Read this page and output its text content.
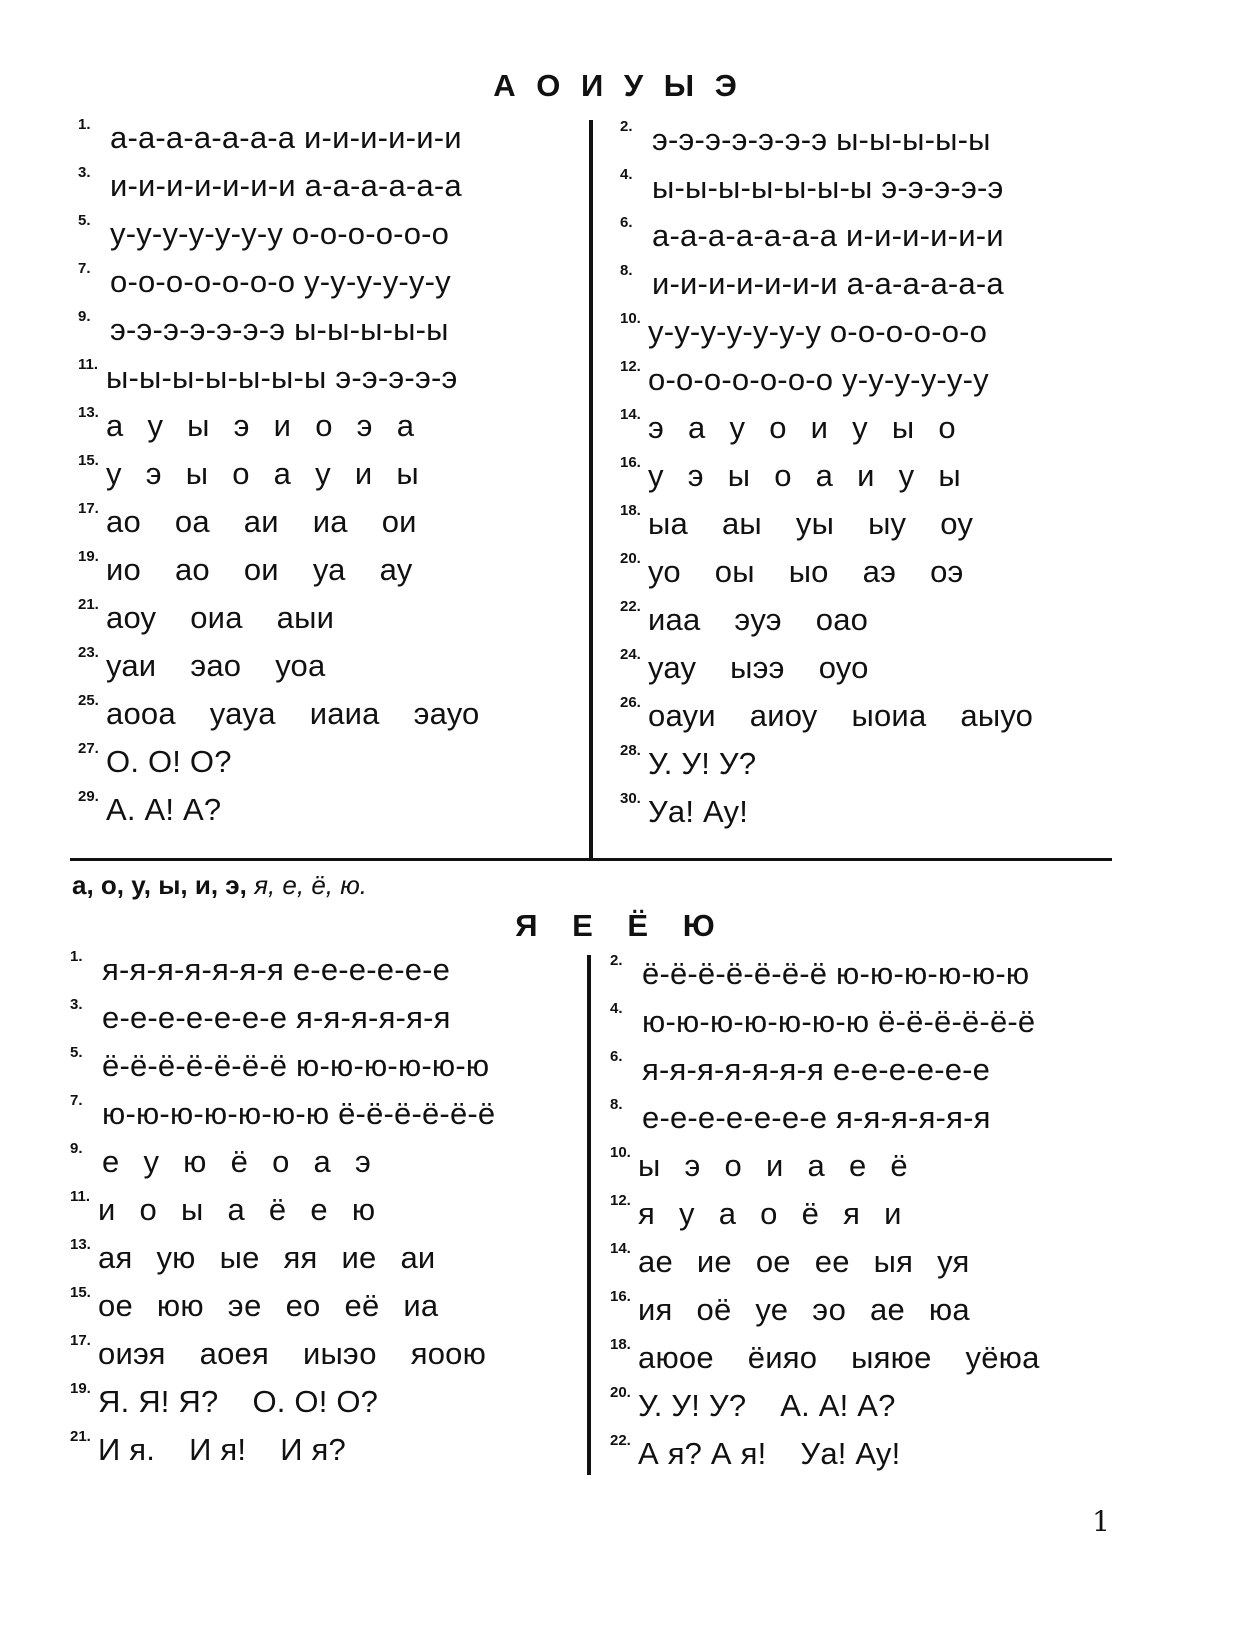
А О И У Ы Э
1. а-а-а-а-а-а-а и-и-и-и-и-и
3. и-и-и-и-и-и-и а-а-а-а-а-а
5. у-у-у-у-у-у-у о-о-о-о-о-о
7. о-о-о-о-о-о-о у-у-у-у-у-у
9. э-э-э-э-э-э-э ы-ы-ы-ы-ы
11. ы-ы-ы-ы-ы-ы-ы э-э-э-э-э
13. а у ы э и о э а
15. у э ы о а у и ы
17. ао оа аи иа ои
19. ио ао ои уа ау
21. аоу оиа аыи
23. уаи эао уоа
25. аооа уаyа иаиа эауо
27. О. О! О?
29. А. А! А?
2. э-э-э-э-э-э-э ы-ы-ы-ы-ы
4. ы-ы-ы-ы-ы-ы-ы э-э-э-э-э
6. а-а-а-а-а-а-а и-и-и-и-и-и
8. и-и-и-и-и-и-и а-а-а-а-а-а
10. у-у-у-у-у-у-у о-о-о-о-о-о
12. о-о-о-о-о-о-о у-у-у-у-у-у
14. э а у о и у ы о
16. у э ы о а и у ы
18. ыа аы уы ыу оу
20. уо оы ыо аэ оэ
22. иаа эуэ оао
24. уау ыээ оуо
26. оауи аиоу ыоиа аыуо
28. У. У! У?
30. Уа! Ау!
а, о, у, ы, и, э, я, е, ё, ю.
Я Е Ё Ю
1. я-я-я-я-я-я-я е-е-е-е-е-е
3. е-е-е-е-е-е-е я-я-я-я-я-я
5. ё-ё-ё-ё-ё-ё-ё ю-ю-ю-ю-ю-ю
7. ю-ю-ю-ю-ю-ю-ю ё-ё-ё-ё-ё-ё
9. е у ю ё о а э
11. и о ы а ё е ю
13. ая ую ые яя ие аи
15. ое юю эе ео её иа
17. оиэя аоея иыэо яоою
19. Я. Я! Я? О. О! О?
21. И я. И я! И я?
2. ё-ё-ё-ё-ё-ё-ё ю-ю-ю-ю-ю-ю
4. ю-ю-ю-ю-ю-ю-ю ё-ё-ё-ё-ё-ё
6. я-я-я-я-я-я-я е-е-е-е-е-е
8. е-е-е-е-е-е-е я-я-я-я-я-я
10. ы э о и а е ё
12. я у а о ё я и
14. ае ие ое ее ыя уя
16. ия оё уе эо ае юа
18. аюое ёияо ыяюе уёюа
20. У. У! У? А. А! А?
22. А я? А я! Уа! Ау!
1
